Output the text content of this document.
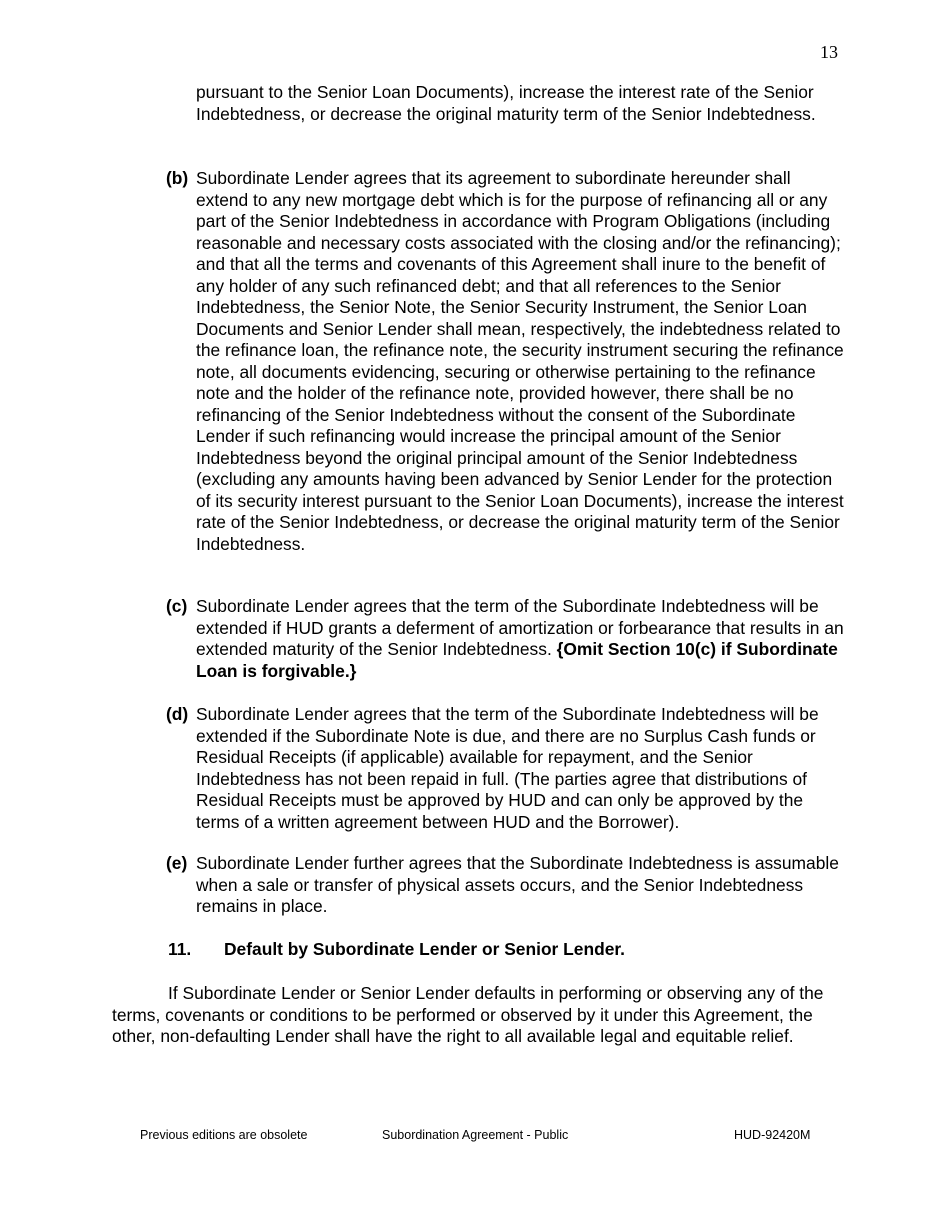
13
pursuant to the Senior Loan Documents), increase the interest rate of the Senior Indebtedness, or decrease the original maturity term of the Senior Indebtedness.
(b) Subordinate Lender agrees that its agreement to subordinate hereunder shall extend to any new mortgage debt which is for the purpose of refinancing all or any part of the Senior Indebtedness in accordance with Program Obligations (including reasonable and necessary costs associated with the closing and/or the refinancing); and that all the terms and covenants of this Agreement shall inure to the benefit of any holder of any such refinanced debt; and that all references to the Senior Indebtedness, the Senior Note, the Senior Security Instrument, the Senior Loan Documents and Senior Lender shall mean, respectively, the indebtedness related to the refinance loan, the refinance note, the security instrument securing the refinance note, all documents evidencing, securing or otherwise pertaining to the refinance note and the holder of the refinance note, provided however, there shall be no refinancing of the Senior Indebtedness without the consent of the Subordinate Lender if such refinancing would increase the principal amount of the Senior Indebtedness beyond the original principal amount of the Senior Indebtedness (excluding any amounts having been advanced by Senior Lender for the protection of its security interest pursuant to the Senior Loan Documents), increase the interest rate of the Senior Indebtedness, or decrease the original maturity term of the Senior Indebtedness.
(c) Subordinate Lender agrees that the term of the Subordinate Indebtedness will be extended if HUD grants a deferment of amortization or forbearance that results in an extended maturity of the Senior Indebtedness. {Omit Section 10(c) if Subordinate Loan is forgivable.}
(d) Subordinate Lender agrees that the term of the Subordinate Indebtedness will be extended if the Subordinate Note is due, and there are no Surplus Cash funds or Residual Receipts (if applicable) available for repayment, and the Senior Indebtedness has not been repaid in full. (The parties agree that distributions of Residual Receipts must be approved by HUD and can only be approved by the terms of a written agreement between HUD and the Borrower).
(e) Subordinate Lender further agrees that the Subordinate Indebtedness is assumable when a sale or transfer of physical assets occurs, and the Senior Indebtedness remains in place.
11. Default by Subordinate Lender or Senior Lender.
If Subordinate Lender or Senior Lender defaults in performing or observing any of the terms, covenants or conditions to be performed or observed by it under this Agreement, the other, non-defaulting Lender shall have the right to all available legal and equitable relief.
Previous editions are obsolete	Subordination Agreement - Public	HUD-92420M
